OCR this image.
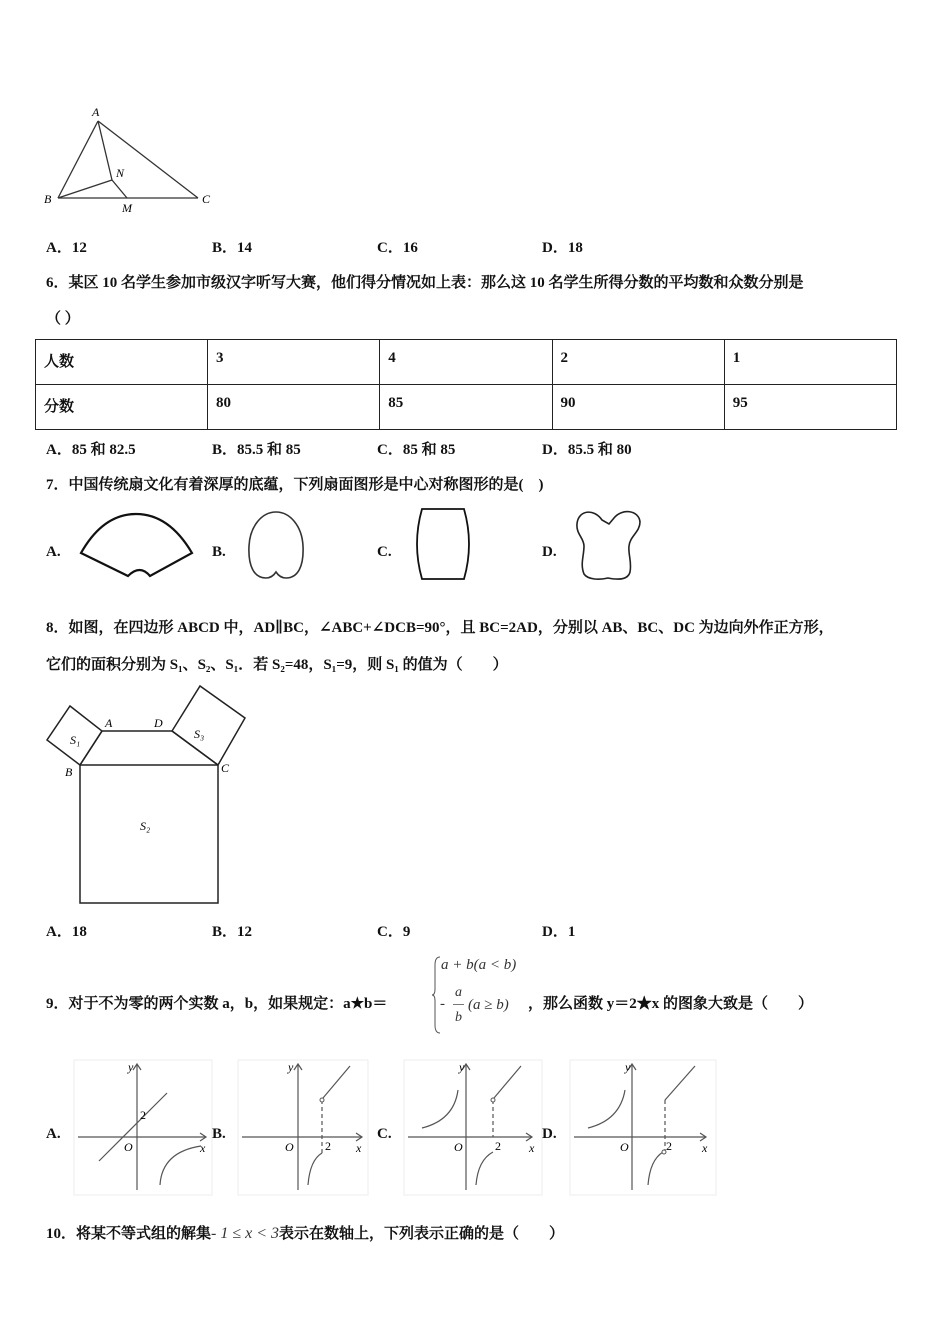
A
B	C
M
N
A．12	B．14	C．16	D．18
6．某区 10 名学生参加市级汉字听写大赛，他们得分情况如上表：那么这 10 名学生所得分数的平均数和众数分别是
（ ）
人数	3	4	2	1
分数	80	85	90	95
A．85 和 82.5	B．85.5 和 85	C．85 和 85	D．85.5 和 80
7．中国传统扇文化有着深厚的底蕴，下列扇面图形是中心对称图形的是(　)
A.	B.	C.	D.
8．如图，在四边形 ABCD 中，AD∥BC，∠ABC+∠DCB=90°，且 BC=2AD，分别以 AB、BC、DC 为边向外作正方形，
它们的面积分别为 S₁、S₂、S₁．若 S₂=48，S₁=9，则 S₁ 的值为（　　）
A	D
B	C
S₁	S₃
S₂
A．18	B．12	C．9	D．1
9．对于不为零的两个实数 a，b，如果规定：a★b＝
a + b(a < b)
-
a
b
(a ≥ b) ，那么函数 y＝2★x 的图象大致是（　　）
A.
y
x
O
2
B.
y
x
O	2
C.
y
x
O	2
D.
y
x
O	2
10．将某不等式组的解集- 1 ≤ x < 3表示在数轴上，下列表示正确的是（　　）
